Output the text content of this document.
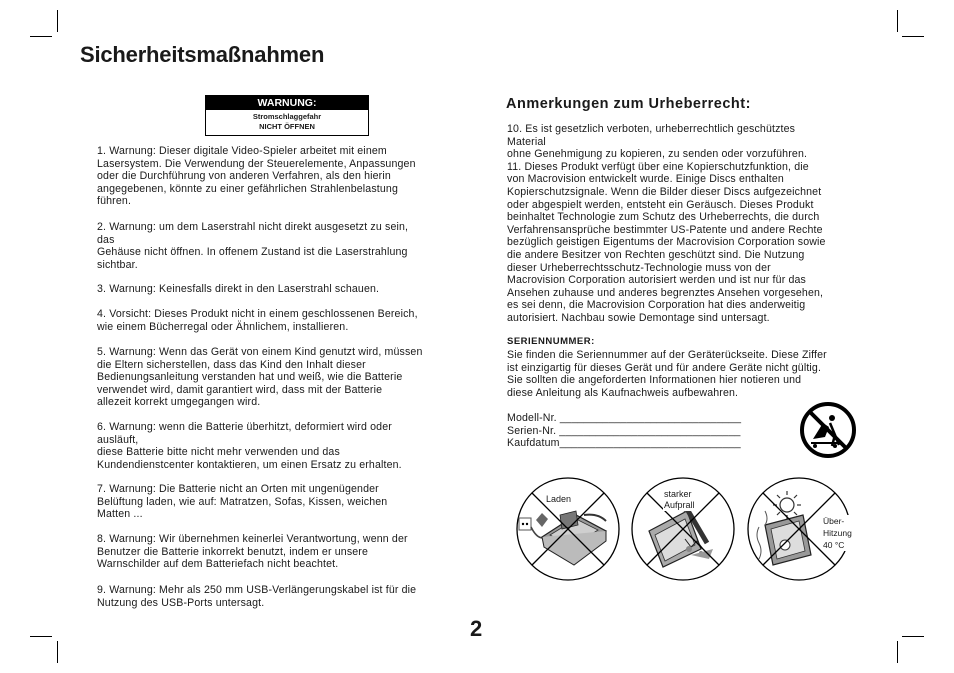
Sicherheitsmaßnahmen
WARNUNG:
Stromschlaggefahr
NICHT ÖFFNEN

1. Warnung: Dieser digitale Video-Spieler arbeitet mit einem
Lasersystem. Die Verwendung der Steuerelemente, Anpassungen
oder die Durchführung von anderen Verfahren, als den hierin
angegebenen, könnte zu einer gefährlichen Strahlenbelastung
führen.

2. Warnung: um dem Laserstrahl nicht direkt ausgesetzt zu sein,
das
Gehäuse nicht öffnen. In offenem Zustand ist die Laserstrahlung
sichtbar.

3. Warnung: Keinesfalls direkt in den Laserstrahl schauen.

4. Vorsicht: Dieses Produkt nicht in einem geschlossenen Bereich,
wie einem Bücherregal oder Ähnlichem, installieren.

5. Warnung: Wenn das Gerät von einem Kind genutzt wird, müssen
die Eltern sicherstellen, dass das Kind den Inhalt dieser
Bedienungsanleitung verstanden hat und weiß, wie die Batterie
verwendet wird, damit garantiert wird, dass mit der Batterie
allezeit korrekt umgegangen wird.

6. Warnung: wenn die Batterie überhitzt, deformiert wird oder
ausläuft,
diese Batterie bitte nicht mehr verwenden und das
Kundendienstcenter kontaktieren, um einen Ersatz zu erhalten.

7. Warnung: Die Batterie nicht an Orten mit ungenügender
Belüftung laden, wie auf: Matratzen, Sofas, Kissen, weichen
Matten ...

8. Warnung: Wir übernehmen keinerlei Verantwortung, wenn der
Benutzer die Batterie inkorrekt benutzt, indem er unsere
Warnschilder auf dem Batteriefach nicht beachtet.

9. Warnung: Mehr als 250 mm USB-Verlängerungskabel ist für die
Nutzung des USB-Ports untersagt.

Anmerkungen zum Urheberrecht:

10. Es ist gesetzlich verboten, urheberrechtlich geschütztes
Material
ohne Genehmigung zu kopieren, zu senden oder vorzuführen.
11. Dieses Produkt verfügt über eine Kopierschutzfunktion, die
von Macrovision entwickelt wurde. Einige Discs enthalten
Kopierschutzsignale. Wenn die Bilder dieser Discs aufgezeichnet
oder abgespielt werden, entsteht ein Geräusch. Dieses Produkt
beinhaltet Technologie zum Schutz des Urheberrechts, die durch
Verfahrensansprüche bestimmter US-Patente und andere Rechte
bezüglich geistigen Eigentums der Macrovision Corporation sowie
die andere Besitzer von Rechten geschützt sind. Die Nutzung
dieser Urheberrechtsschutz-Technologie muss von der
Macrovision Corporation autorisiert werden und ist nur für das
Ansehen zuhause und anderes begrenztes Ansehen vorgesehen,
es sei denn, die Macrovision Corporation hat dies anderweitig
autorisiert. Nachbau sowie Demontage sind untersagt.

SERIENNUMMER:

Sie finden die Seriennummer auf der Geräterückseite. Diese Ziffer
ist einzigartig für dieses Gerät und für andere Geräte nicht gültig.
Sie sollten die angeforderten Informationen hier notieren und
diese Anleitung als Kaufnachweis aufbewahren.

Modell-Nr. ______________________________
Serien-Nr. ______________________________
Kaufdatum______________________________

Laden	starker
Aufprall
Über-
Hitzung
40 °C
2
